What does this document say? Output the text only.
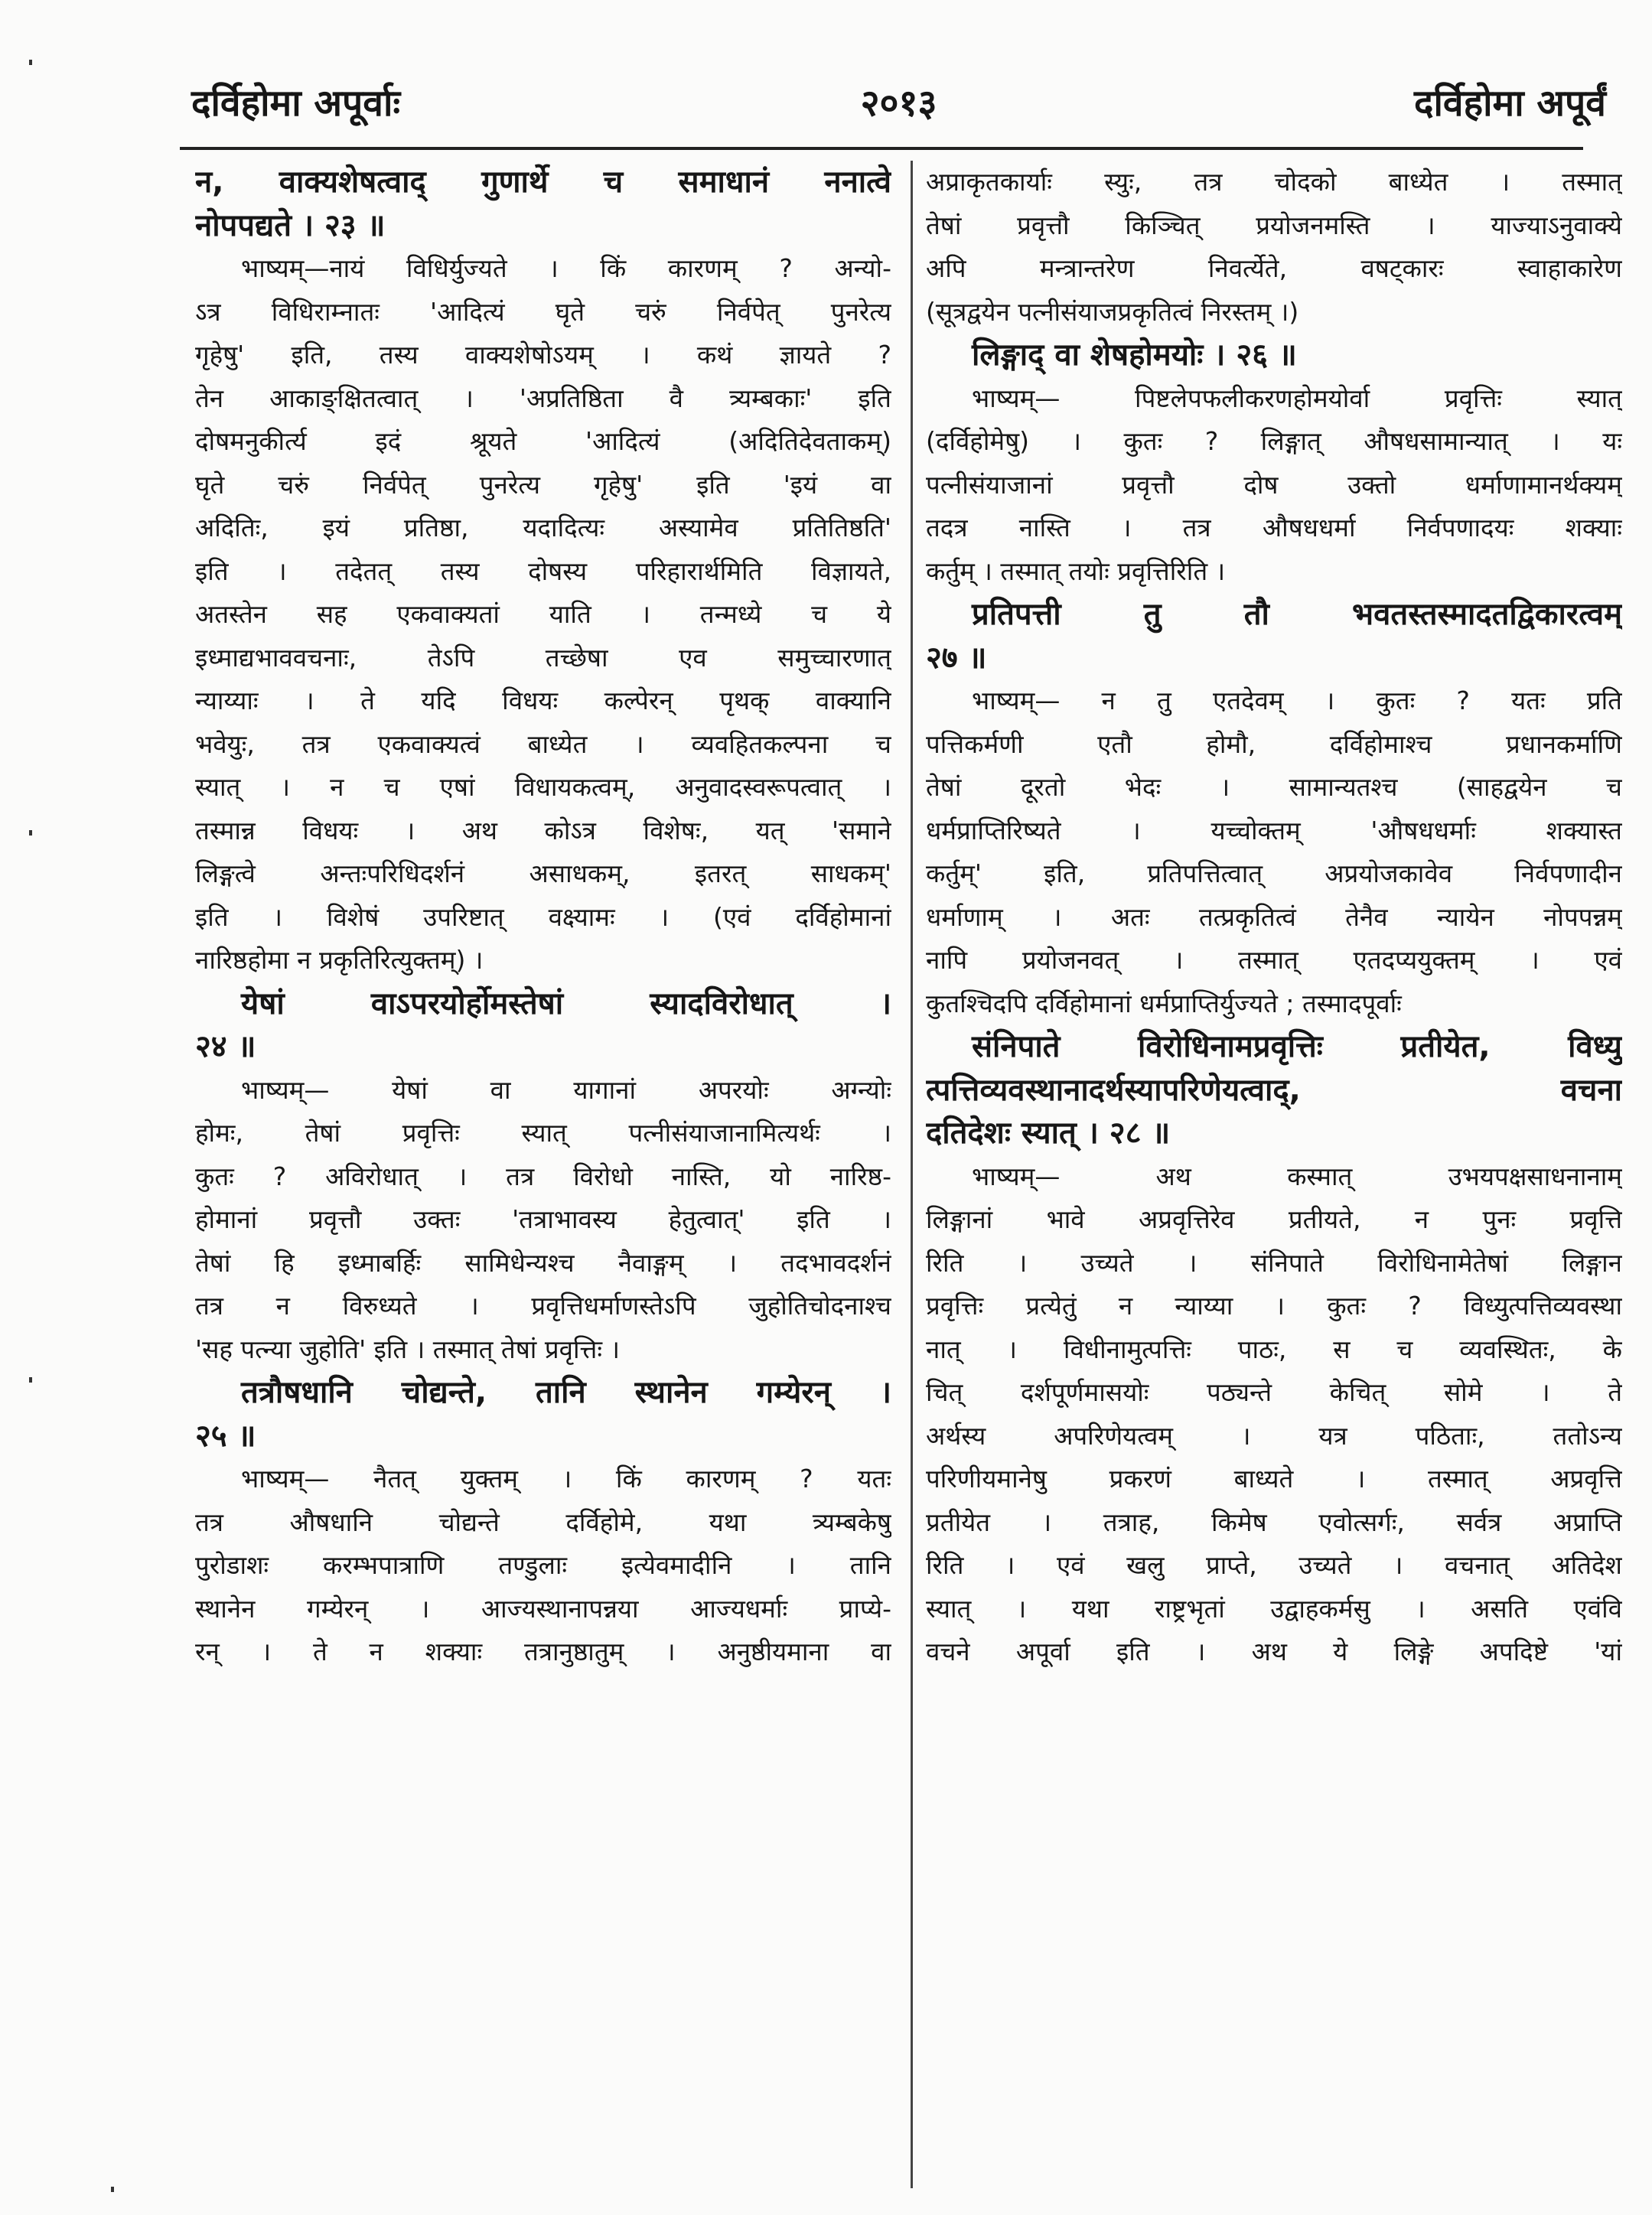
२०१३
दर्विहोमा अपूर्वाः	दर्विहोमा अपूर्वं
न, वाक्यशेषत्वाद् गुणार्थे च समाधानं ननात्वे
नोपपद्यते । २३ ॥
भाष्यम्—नायं विधिर्युज्यते । किं कारणम् ? अन्यो-
ऽत्र विधिराम्नातः 'आदित्यं घृते चरुं निर्वपेत् पुनरेत्य
गृहेषु' इति, तस्य वाक्यशेषोऽयम् । कथं ज्ञायते ?
तेन आकाङ्क्षितत्वात् । 'अप्रतिष्ठिता वै त्र्यम्बकाः' इति
दोषमनुकीर्त्य इदं श्रूयते 'आदित्यं (अदितिदेवताकम्)
घृते चरुं निर्वपेत् पुनरेत्य गृहेषु' इति 'इयं वा
अदितिः, इयं प्रतिष्ठा, यदादित्यः अस्यामेव प्रतितिष्ठति'
इति । तदेतत् तस्य दोषस्य परिहारार्थमिति विज्ञायते,
अतस्तेन सह एकवाक्यतां याति । तन्मध्ये च ये
इध्माद्यभाववचनाः, तेऽपि तच्छेषा एव समुच्चारणात्
न्याय्याः । ते यदि विधयः कल्पेरन् पृथक् वाक्यानि
भवेयुः, तत्र एकवाक्यत्वं बाध्येत । व्यवहितकल्पना च
स्यात् । न च एषां विधायकत्वम्, अनुवादस्वरूपत्वात् ।
तस्मान्न विधयः । अथ कोऽत्र विशेषः, यत् 'समाने
लिङ्गत्वे अन्तःपरिधिदर्शनं असाधकम्, इतरत् साधकम्'
इति । विशेषं उपरिष्टात् वक्ष्यामः । (एवं दर्विहोमानां
नारिष्ठहोमा न प्रकृतिरित्युक्तम्) ।
येषां वाऽपरयोर्होमस्तेषां स्यादविरोधात् ।
२४ ॥
भाष्यम्— येषां वा यागानां अपरयोः अग्न्योः
होमः, तेषां प्रवृत्तिः स्यात् पत्नीसंयाजानामित्यर्थः ।
कुतः ? अविरोधात् । तत्र विरोधो नास्ति, यो नारिष्ठ-
होमानां प्रवृत्तौ उक्तः 'तत्राभावस्य हेतुत्वात्' इति ।
तेषां हि इध्माबर्हिः सामिधेन्यश्च नैवाङ्गम् । तदभावदर्शनं
तत्र न विरुध्यते । प्रवृत्तिधर्माणस्तेऽपि जुहोतिचोदनाश्च
'सह पत्न्या जुहोति' इति । तस्मात् तेषां प्रवृत्तिः ।
तत्रौषधानि चोद्यन्ते, तानि स्थानेन गम्येरन् ।
२५ ॥
भाष्यम्— नैतत् युक्तम् । किं कारणम् ? यतः
तत्र औषधानि चोद्यन्ते दर्विहोमे, यथा त्र्यम्बकेषु
पुरोडाशः करम्भपात्राणि तण्डुलाः इत्येवमादीनि । तानि
स्थानेन गम्येरन् । आज्यस्थानापन्नया आज्यधर्माः प्राप्ये-
रन् । ते न शक्याः तत्रानुष्ठातुम् । अनुष्ठीयमाना वा
अप्राकृतकार्याः स्युः, तत्र चोदको बाध्येत । तस्मात्
तेषां प्रवृत्तौ किञ्चित् प्रयोजनमस्ति । याज्याऽनुवाक्ये
अपि मन्त्रान्तरेण निवर्त्येते, वषट्कारः स्वाहाकारेण
(सूत्रद्वयेन पत्नीसंयाजप्रकृतित्वं निरस्तम् ।)
लिङ्गाद् वा शेषहोमयोः । २६ ॥
भाष्यम्— पिष्टलेपफलीकरणहोमयोर्वा प्रवृत्तिः स्यात्
(दर्विहोमेषु) । कुतः ? लिङ्गात् औषधसामान्यात् । यः
पत्नीसंयाजानां प्रवृत्तौ दोष उक्तो धर्माणामानर्थक्यम्
तदत्र नास्ति । तत्र औषधधर्मा निर्वपणादयः शक्याः
कर्तुम् । तस्मात् तयोः प्रवृत्तिरिति ।
प्रतिपत्ती तु तौ भवतस्तस्मादतद्विकारत्वम्
२७ ॥
भाष्यम्— न तु एतदेवम् । कुतः ? यतः प्रति
पत्तिकर्मणी एतौ होमौ, दर्विहोमाश्च प्रधानकर्माणि
तेषां दूरतो भेदः । सामान्यतश्च (साहद्वयेन च
धर्मप्राप्तिरिष्यते । यच्चोक्तम् 'औषधधर्माः शक्यास्त
कर्तुम्' इति, प्रतिपत्तित्वात् अप्रयोजकावेव निर्वपणादीन
धर्माणाम् । अतः तत्प्रकृतित्वं तेनैव न्यायेन नोपपन्नम्
नापि प्रयोजनवत् । तस्मात् एतदप्ययुक्तम् । एवं
कुतश्चिदपि दर्विहोमानां धर्मप्राप्तिर्युज्यते ; तस्मादपूर्वाः
संनिपाते विरोधिनामप्रवृत्तिः प्रतीयेत, विध्यु
त्पत्तिव्यवस्थानादर्थस्यापरिणेयत्वाद्, वचना
दतिदेशः स्यात् । २८ ॥
भाष्यम्— अथ कस्मात् उभयपक्षसाधनानाम्
लिङ्गानां भावे अप्रवृत्तिरेव प्रतीयते, न पुनः प्रवृत्ति
रिति । उच्यते । संनिपाते विरोधिनामेतेषां लिङ्गान
प्रवृत्तिः प्रत्येतुं न न्याय्या । कुतः ? विध्युत्पत्तिव्यवस्था
नात् । विधीनामुत्पत्तिः पाठः, स च व्यवस्थितः, के
चित् दर्शपूर्णमासयोः पठ्यन्ते केचित् सोमे । ते
अर्थस्य अपरिणेयत्वम् । यत्र पठिताः, ततोऽन्य
परिणीयमानेषु प्रकरणं बाध्यते । तस्मात् अप्रवृत्ति
प्रतीयेत । तत्राह, किमेष एवोत्सर्गः, सर्वत्र अप्राप्ति
रिति । एवं खलु प्राप्ते, उच्यते । वचनात् अतिदेश
स्यात् । यथा राष्ट्रभृतां उद्वाहकर्मसु । असति एवंवि
वचने अपूर्वा इति । अथ ये लिङ्गे अपदिष्टे 'यां
